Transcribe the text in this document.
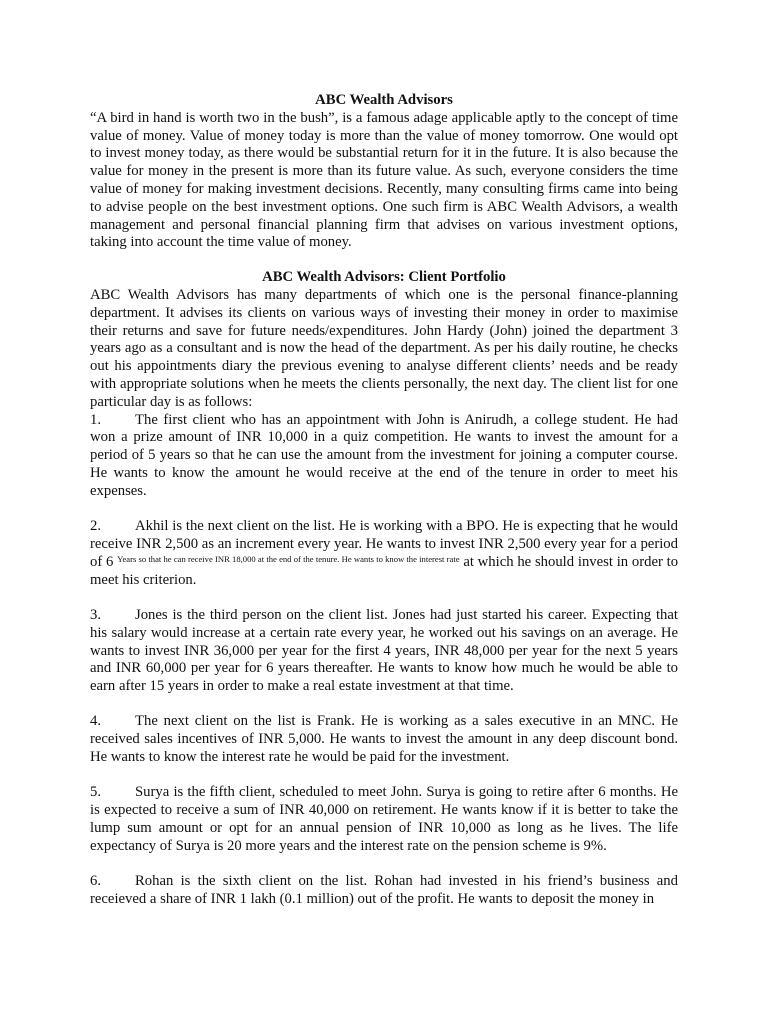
ABC Wealth Advisors

“A bird in hand is worth two in the bush”, is a famous adage applicable aptly to the concept of time value of money. Value of money today is more than the value of money tomorrow. One would opt to invest money today, as there would be substantial return for it in the future. It is also because the value for money in the present is more than its future value. As such, everyone considers the time value of money for making investment decisions. Recently, many consulting firms came into being to advise people on the best investment options. One such firm is ABC Wealth Advisors, a wealth management and personal financial planning firm that advises on various investment options, taking into account the time value of money.

ABC Wealth Advisors: Client Portfolio

ABC Wealth Advisors has many departments of which one is the personal finance-planning department. It advises its clients on various ways of investing their money in order to maximise their returns and save for future needs/expenditures. John Hardy (John) joined the department 3 years ago as a consultant and is now the head of the department. As per his daily routine, he checks out his appointments diary the previous evening to analyse different clients’ needs and be ready with appropriate solutions when he meets the clients personally, the next day. The client list for one particular day is as follows:

1. The first client who has an appointment with John is Anirudh, a college student. He had won a prize amount of INR 10,000 in a quiz competition. He wants to invest the amount for a period of 5 years so that he can use the amount from the investment for joining a computer course. He wants to know the amount he would receive at the end of the tenure in order to meet his expenses.

2. Akhil is the next client on the list. He is working with a BPO. He is expecting that he would receive INR 2,500 as an increment every year. He wants to invest INR 2,500 every year for a period of 6 $^{Years so that he can receive INR 18,000 at the end of the tenure. He wants to know the interest rate}$ at which he should invest in order to meet his criterion.

3. Jones is the third person on the client list. Jones had just started his career. Expecting that his salary would increase at a certain rate every year, he worked out his savings on an average. He wants to invest INR 36,000 per year for the first 4 years, INR 48,000 per year for the next 5 years and INR 60,000 per year for 6 years thereafter. He wants to know how much he would be able to earn after 15 years in order to make a real estate investment at that time.

4. The next client on the list is Frank. He is working as a sales executive in an MNC. He received sales incentives of INR 5,000. He wants to invest the amount in any deep discount bond. He wants to know the interest rate he would be paid for the investment.

5. Surya is the fifth client, scheduled to meet John. Surya is going to retire after 6 months. He is expected to receive a sum of INR 40,000 on retirement. He wants know if it is better to take the lump sum amount or opt for an annual pension of INR 10,000 as long as he lives. The life expectancy of Surya is 20 more years and the interest rate on the pension scheme is 9%.

6. Rohan is the sixth client on the list. Rohan had invested in his friend’s business and receieved a share of INR 1 lakh (0.1 million) out of the profit. He wants to deposit the money in
